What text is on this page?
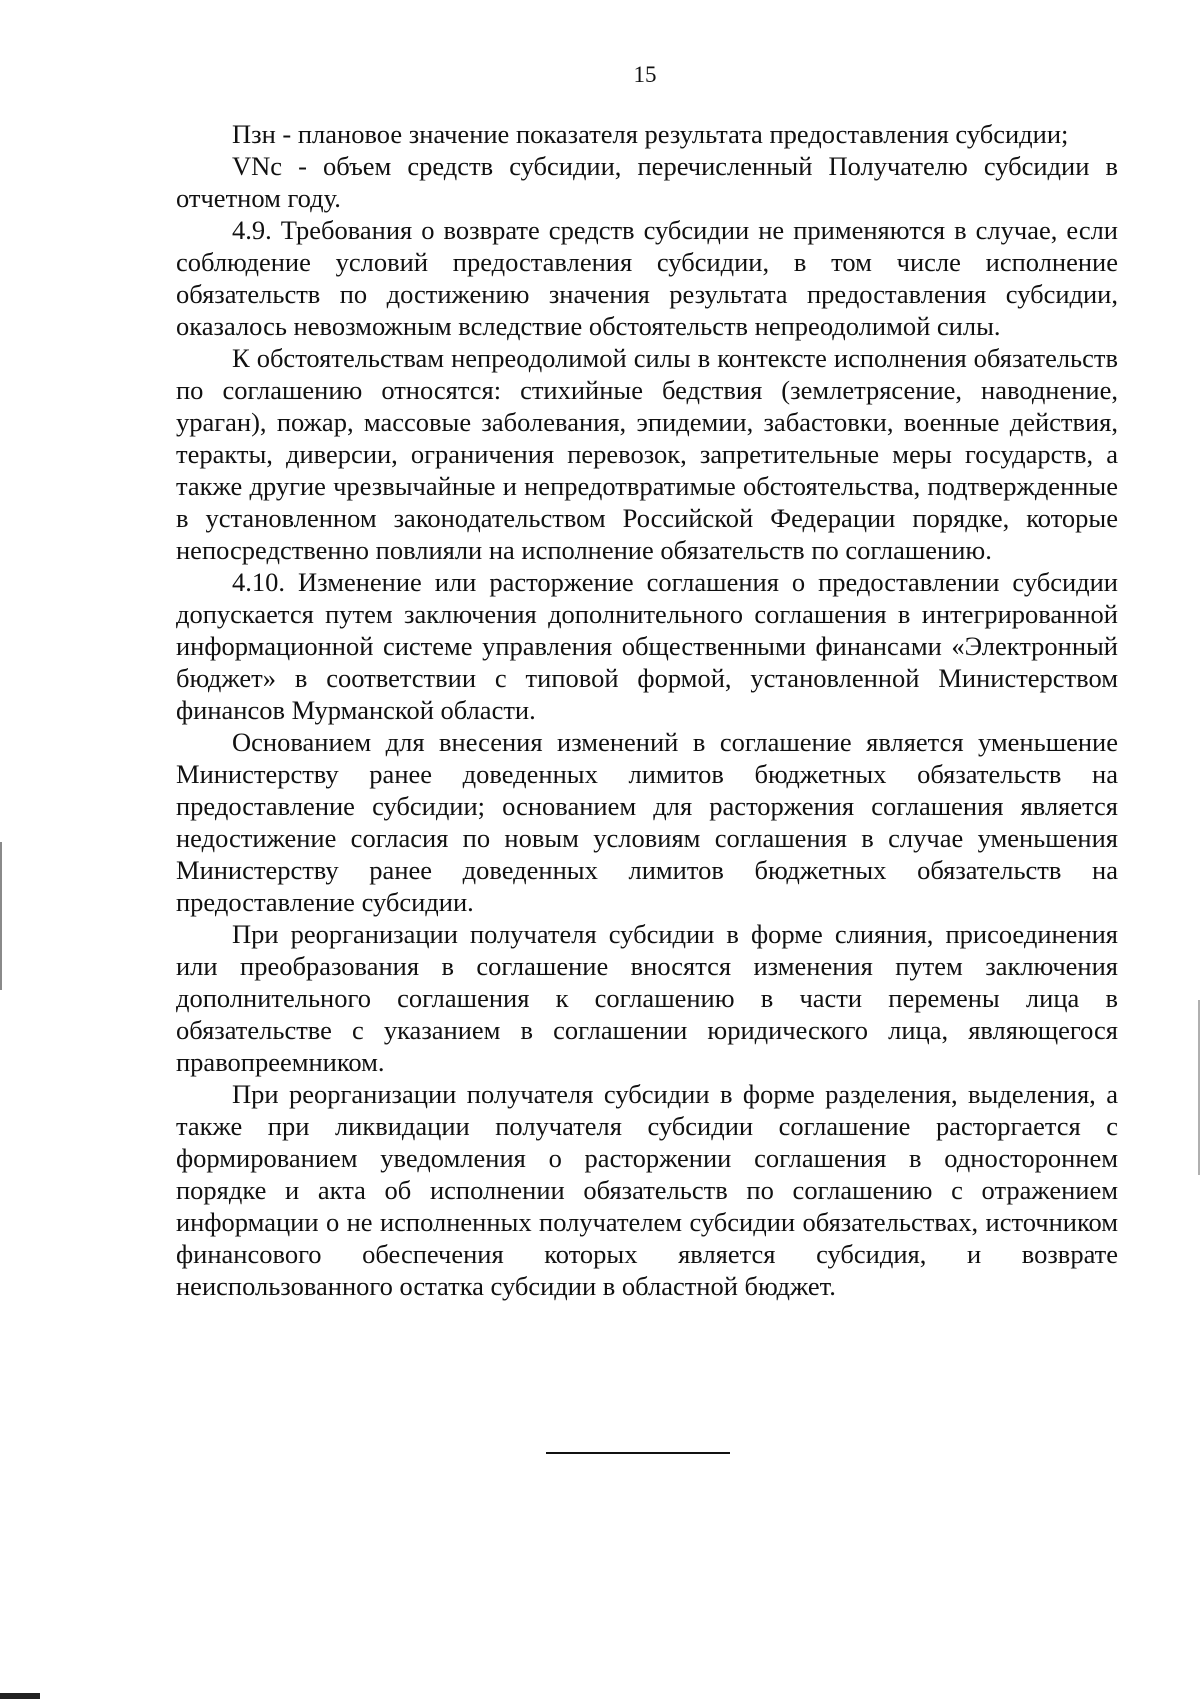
15

Пзн - плановое значение показателя результата предоставления субсидии;

VNc - объем средств субсидии, перечисленный Получателю субсидии в отчетном году.

4.9. Требования о возврате средств субсидии не применяются в случае, если соблюдение условий предоставления субсидии, в том числе исполнение обязательств по достижению значения результата предоставления субсидии, оказалось невозможным вследствие обстоятельств непреодолимой силы.

К обстоятельствам непреодолимой силы в контексте исполнения обязательств по соглашению относятся: стихийные бедствия (землетрясение, наводнение, ураган), пожар, массовые заболевания, эпидемии, забастовки, военные действия, теракты, диверсии, ограничения перевозок, запретительные меры государств, а также другие чрезвычайные и непредотвратимые обстоятельства, подтвержденные в установленном законодательством Российской Федерации порядке, которые непосредственно повлияли на исполнение обязательств по соглашению.

4.10. Изменение или расторжение соглашения о предоставлении субсидии допускается путем заключения дополнительного соглашения в интегрированной информационной системе управления общественными финансами «Электронный бюджет» в соответствии с типовой формой, установленной Министерством финансов Мурманской области.

Основанием для внесения изменений в соглашение является уменьшение Министерству ранее доведенных лимитов бюджетных обязательств на предоставление субсидии; основанием для расторжения соглашения является недостижение согласия по новым условиям соглашения в случае уменьшения Министерству ранее доведенных лимитов бюджетных обязательств на предоставление субсидии.

При реорганизации получателя субсидии в форме слияния, присоединения или преобразования в соглашение вносятся изменения путем заключения дополнительного соглашения к соглашению в части перемены лица в обязательстве с указанием в соглашении юридического лица, являющегося правопреемником.

При реорганизации получателя субсидии в форме разделения, выделения, а также при ликвидации получателя субсидии соглашение расторгается с формированием уведомления о расторжении соглашения в одностороннем порядке и акта об исполнении обязательств по соглашению с отражением информации о не исполненных получателем субсидии обязательствах, источником финансового обеспечения которых является субсидия, и возврате неиспользованного остатка субсидии в областной бюджет.
